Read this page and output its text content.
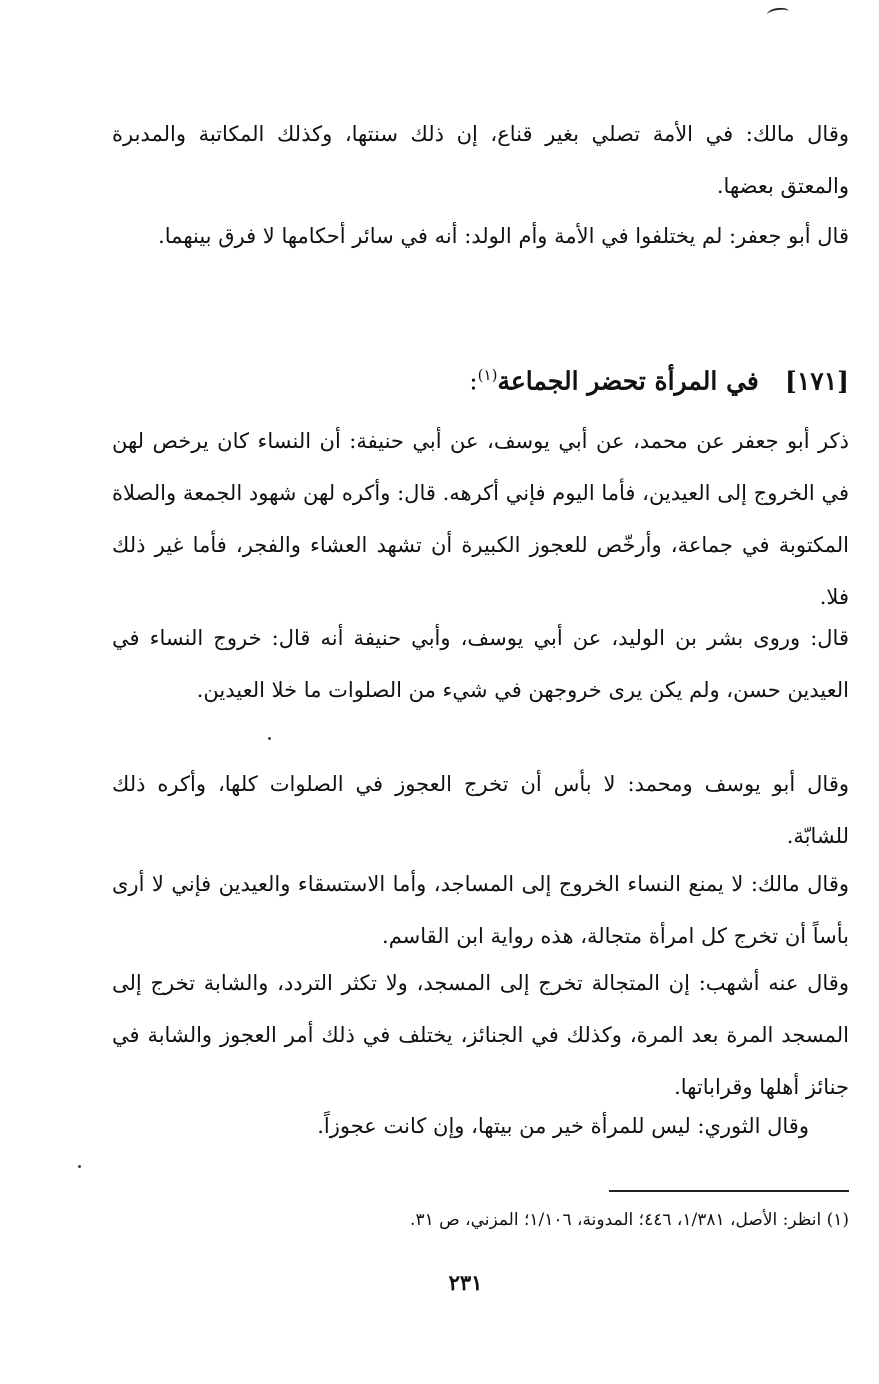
وقال مالك: في الأمة تصلي بغير قناع، إن ذلك سنتها، وكذلك المكاتبة والمدبرة والمعتق بعضها.

قال أبو جعفر: لم يختلفوا في الأمة وأم الولد: أنه في سائر أحكامها لا فرق بينهما.

[١٧١]   في المرأة تحضر الجماعة$^{(١)}$:

ذكر أبو جعفر عن محمد، عن أبي يوسف، عن أبي حنيفة: أن النساء كان يرخص لهن في الخروج إلى العيدين، فأما اليوم فإني أكرهه. قال: وأكره لهن شهود الجمعة والصلاة المكتوبة في جماعة، وأرخّص للعجوز الكبيرة أن تشهد العشاء والفجر، فأما غير ذلك فلا.

قال: وروى بشر بن الوليد، عن أبي يوسف، وأبي حنيفة أنه قال: خروج النساء في العيدين حسن، ولم يكن يرى خروجهن في شيء من الصلوات ما خلا العيدين.

وقال أبو يوسف ومحمد: لا بأس أن تخرج العجوز في الصلوات كلها، وأكره ذلك للشابّة.

وقال مالك: لا يمنع النساء الخروج إلى المساجد، وأما الاستسقاء والعيدين فإني لا أرى بأساً أن تخرج كل امرأة متجالة، هذه رواية ابن القاسم.

وقال عنه أشهب: إن المتجالة تخرج إلى المسجد، ولا تكثر التردد، والشابة تخرج إلى المسجد المرة بعد المرة، وكذلك في الجنائز، يختلف في ذلك أمر العجوز والشابة في جنائز أهلها وقراباتها.

وقال الثوري: ليس للمرأة خير من بيتها، وإن كانت عجوزاً.

(١) انظر: الأصل، ١/٣٨١، ٤٤٦؛ المدونة، ١/١٠٦؛ المزني، ص ٣١.

٢٣١
